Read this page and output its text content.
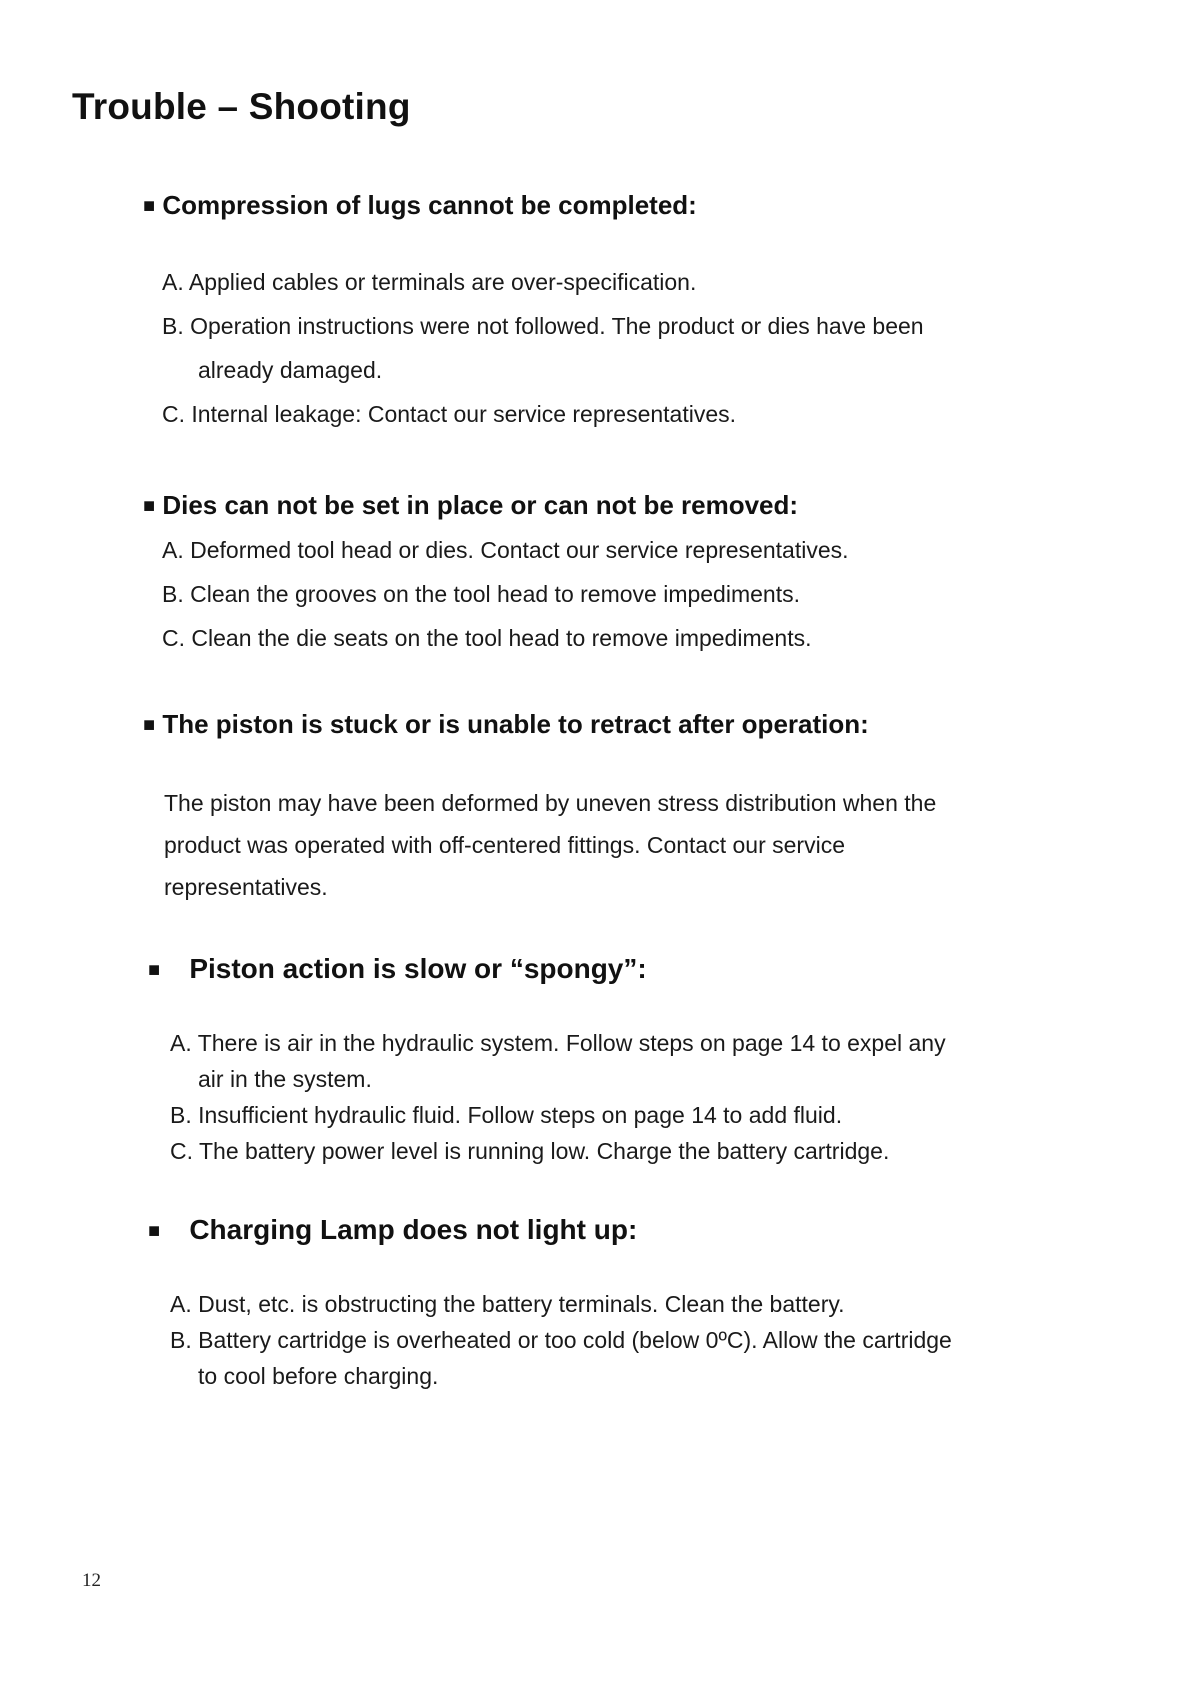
Trouble – Shooting
■ Compression of lugs cannot be completed:
A. Applied cables or terminals are over-specification.
B. Operation instructions were not followed. The product or dies have been
already damaged.
C. Internal leakage: Contact our service representatives.
■ Dies can not be set in place or can not be removed:
A. Deformed tool head or dies. Contact our service representatives.
B. Clean the grooves on the tool head to remove impediments.
C. Clean the die seats on the tool head to remove impediments.
■ The piston is stuck or is unable to retract after operation:
The piston may have been deformed by uneven stress distribution when the
product was operated with off-centered fittings. Contact our service
representatives.
■ Piston action is slow or “spongy”:
A. There is air in the hydraulic system. Follow steps on page 14 to expel any
air in the system.
B. Insufficient hydraulic fluid. Follow steps on page 14 to add fluid.
C. The battery power level is running low. Charge the battery cartridge.
■ Charging Lamp does not light up:
A. Dust, etc. is obstructing the battery terminals. Clean the battery.
B. Battery cartridge is overheated or too cold (below 0ºC). Allow the cartridge
to cool before charging.
12
